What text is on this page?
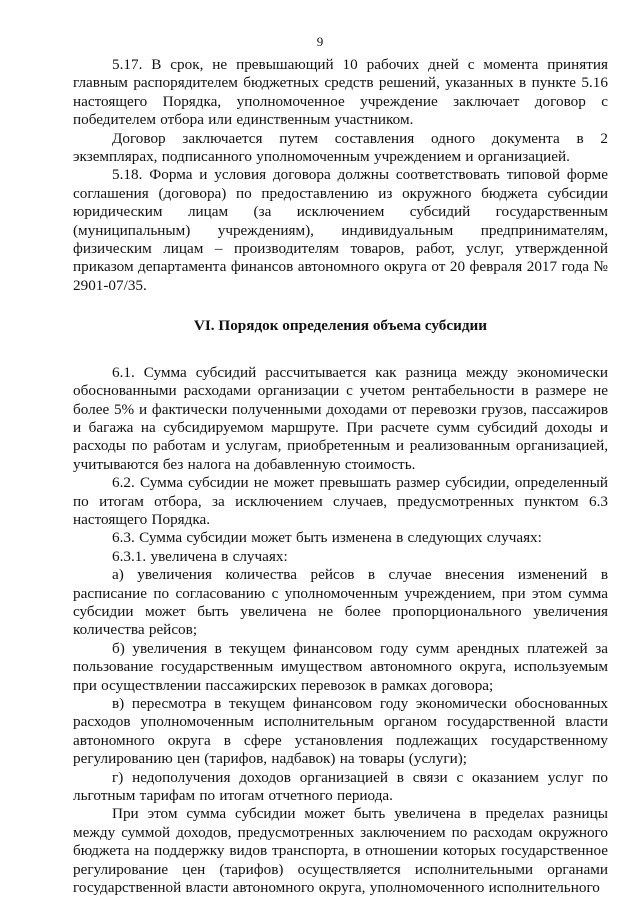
9

5.17. В срок, не превышающий 10 рабочих дней с момента принятия главным распорядителем бюджетных средств решений, указанных в пункте 5.16 настоящего Порядка, уполномоченное учреждение заключает договор с победителем отбора или единственным участником.

Договор заключается путем составления одного документа в 2 экземплярах, подписанного уполномоченным учреждением и организацией.

5.18. Форма и условия договора должны соответствовать типовой форме соглашения (договора) по предоставлению из окружного бюджета субсидии юридическим лицам (за исключением субсидий государственным (муниципальным) учреждениям), индивидуальным предпринимателям, физическим лицам – производителям товаров, работ, услуг, утвержденной приказом департамента финансов автономного округа от 20 февраля 2017 года № 2901-07/35.

VI. Порядок определения объема субсидии

6.1. Сумма субсидий рассчитывается как разница между экономически обоснованными расходами организации с учетом рентабельности в размере не более 5% и фактически полученными доходами от перевозки грузов, пассажиров и багажа на субсидируемом маршруте. При расчете сумм субсидий доходы и расходы по работам и услугам, приобретенным и реализованным организацией, учитываются без налога на добавленную стоимость.

6.2. Сумма субсидии не может превышать размер субсидии, определенный по итогам отбора, за исключением случаев, предусмотренных пунктом 6.3 настоящего Порядка.

6.3. Сумма субсидии может быть изменена в следующих случаях:

6.3.1. увеличена в случаях:

а) увеличения количества рейсов в случае внесения изменений в расписание по согласованию с уполномоченным учреждением, при этом сумма субсидии может быть увеличена не более пропорционального увеличения количества рейсов;

б) увеличения в текущем финансовом году сумм арендных платежей за пользование государственным имуществом автономного округа, используемым при осуществлении пассажирских перевозок в рамках договора;

в) пересмотра в текущем финансовом году экономически обоснованных расходов уполномоченным исполнительным органом государственной власти автономного округа в сфере установления подлежащих государственному регулированию цен (тарифов, надбавок) на товары (услуги);

г) недополучения доходов организацией в связи с оказанием услуг по льготным тарифам по итогам отчетного периода.

При этом сумма субсидии может быть увеличена в пределах разницы между суммой доходов, предусмотренных заключением по расходам окружного бюджета на поддержку видов транспорта, в отношении которых государственное регулирование цен (тарифов) осуществляется исполнительными органами государственной власти автономного округа, уполномоченного исполнительного
